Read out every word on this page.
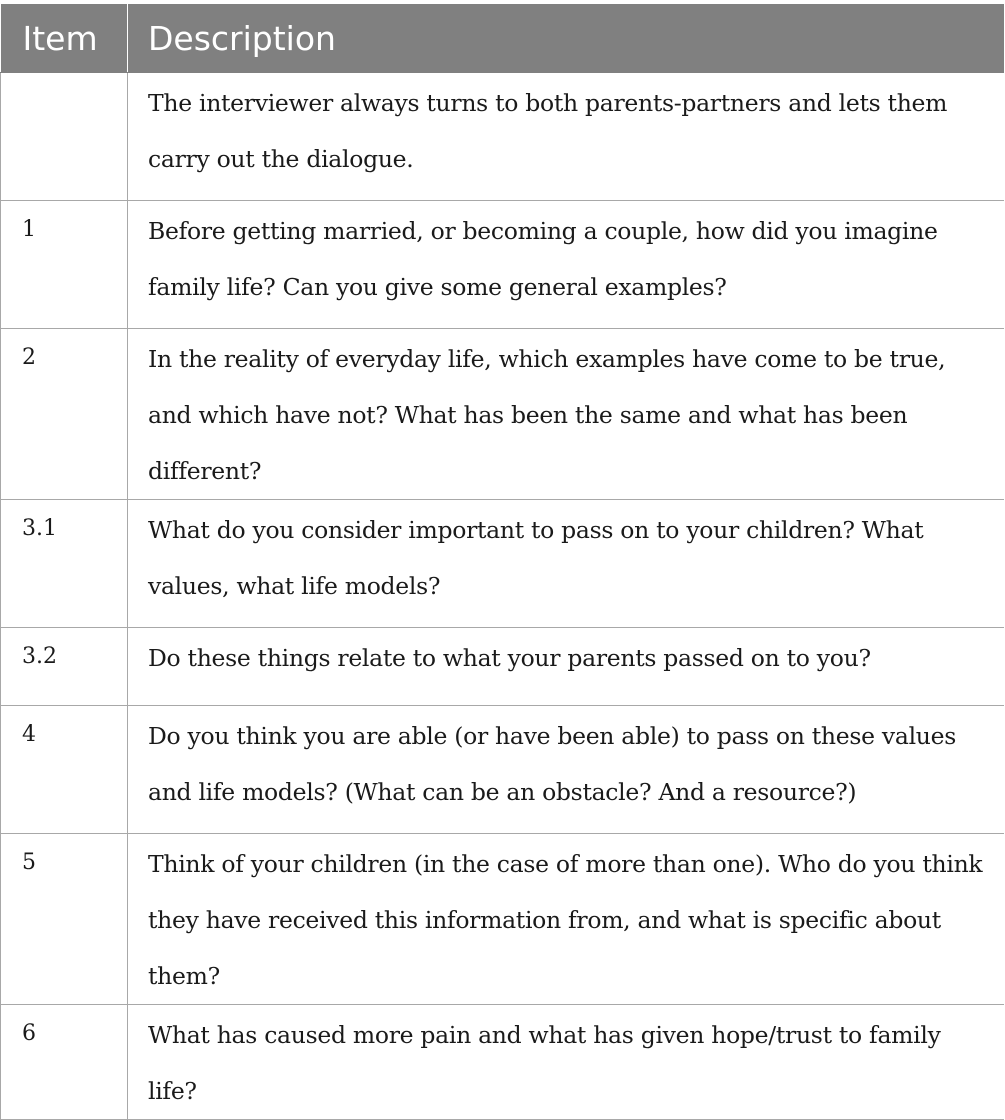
Item	Description

	The interviewer always turns to both parents-partners and lets them carry out the dialogue.

1	Before getting married, or becoming a couple, how did you imagine family life? Can you give some general examples?

2	In the reality of everyday life, which examples have come to be true, and which have not? What has been the same and what has been different?

3.1	What do you consider important to pass on to your children? What values, what life models?

3.2	Do these things relate to what your parents passed on to you?

4	Do you think you are able (or have been able) to pass on these values and life models? (What can be an obstacle? And a resource?)

5	Think of your children (in the case of more than one). Who do you think they have received this information from, and what is specific about them?

6	What has caused more pain and what has given hope/trust to family life?
